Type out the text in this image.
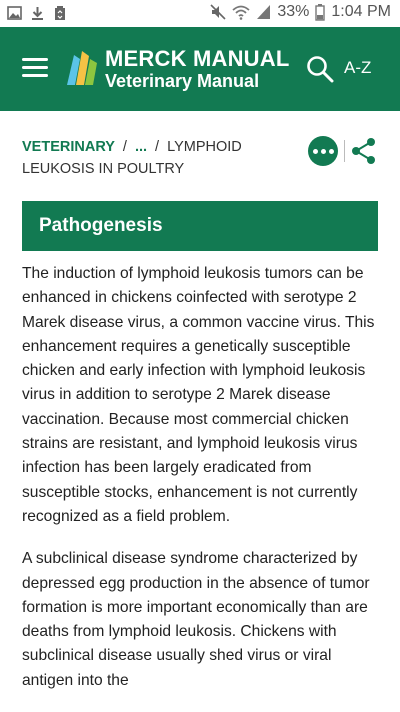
33% 1:04 PM
MERCK MANUAL
Veterinary Manual
A-Z
VETERINARY / ... / LYMPHOID LEUKOSIS IN POULTRY
Pathogenesis

The induction of lymphoid leukosis tumors can be enhanced in chickens coinfected with serotype 2 Marek disease virus, a common vaccine virus. This enhancement requires a genetically susceptible chicken and early infection with lymphoid leukosis virus in addition to serotype 2 Marek disease vaccination. Because most commercial chicken strains are resistant, and lymphoid leukosis virus infection has been largely eradicated from susceptible stocks, enhancement is not currently recognized as a field problem.

A subclinical disease syndrome characterized by depressed egg production in the absence of tumor formation is more important economically than are deaths from lymphoid leukosis. Chickens with subclinical disease usually shed virus or viral antigen into the
